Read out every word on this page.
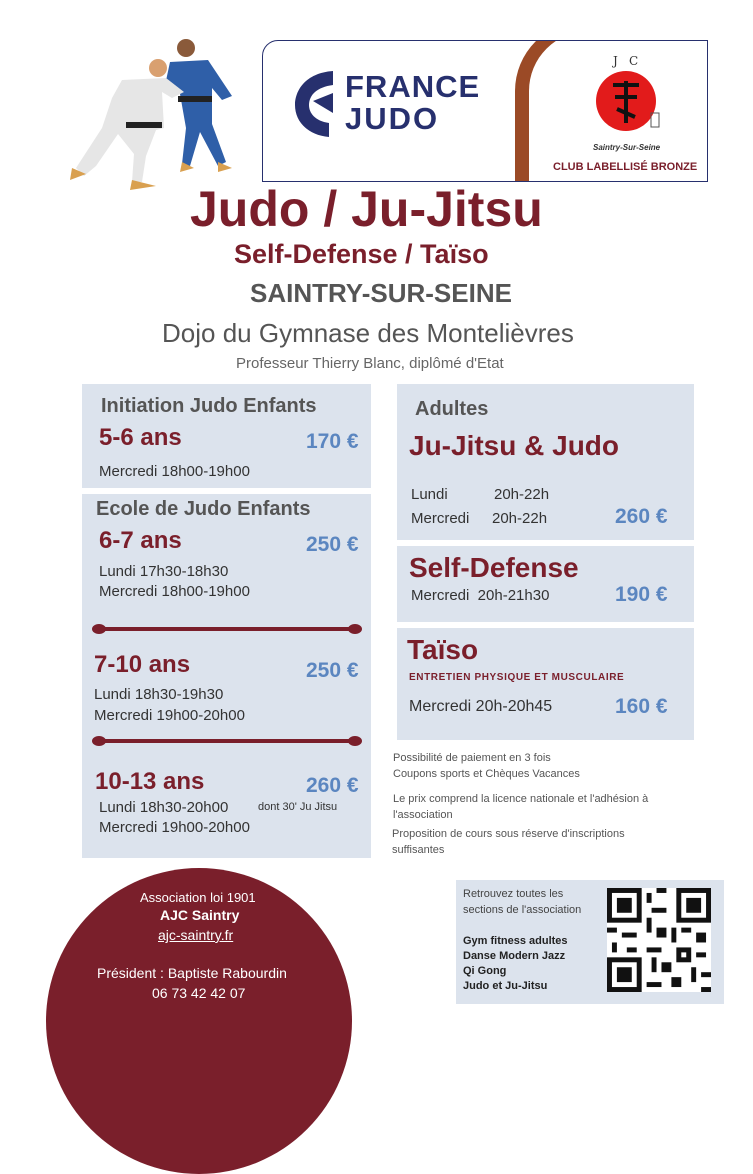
FRANCE
JUDO
J C
Saintry-Sur-Seine
CLUB LABELLISÉ BRONZE
Judo / Ju-Jitsu
Self-Defense / Taïso
SAINTRY-SUR-SEINE
Dojo du Gymnase des Montelièvres
Professeur Thierry Blanc, diplômé d'Etat
Initiation Judo Enfants
5-6 ans	170 €
Mercredi 18h00-19h00
Ecole de Judo Enfants
6-7 ans	250 €
Lundi 17h30-18h30
Mercredi 18h00-19h00
7-10 ans	250 €
Lundi 18h30-19h30
Mercredi 19h00-20h00
10-13 ans	260 €
Lundi 18h30-20h00	dont 30' Ju Jitsu
Mercredi 19h00-20h00
Adultes
Ju-Jitsu & Judo
Lundi	20h-22h
Mercredi 20h-22h	260 €
Self-Defense
Mercredi  20h-21h30	190 €
Taïso
ENTRETIEN PHYSIQUE ET MUSCULAIRE
Mercredi 20h-20h45	160 €
Possibilité de paiement en 3 fois
Coupons sports et Chèques Vacances
Le prix comprend la licence nationale et l'adhésion à
l'association
Proposition de cours sous réserve d'inscriptions
suffisantes
Association loi 1901
AJC Saintry
ajc-saintry.fr
Président : Baptiste Rabourdin
06 73 42 42 07
Retrouvez toutes les
sections de l'association
Gym fitness adultes
Danse Modern Jazz
Qi Gong
Judo et Ju-Jitsu
